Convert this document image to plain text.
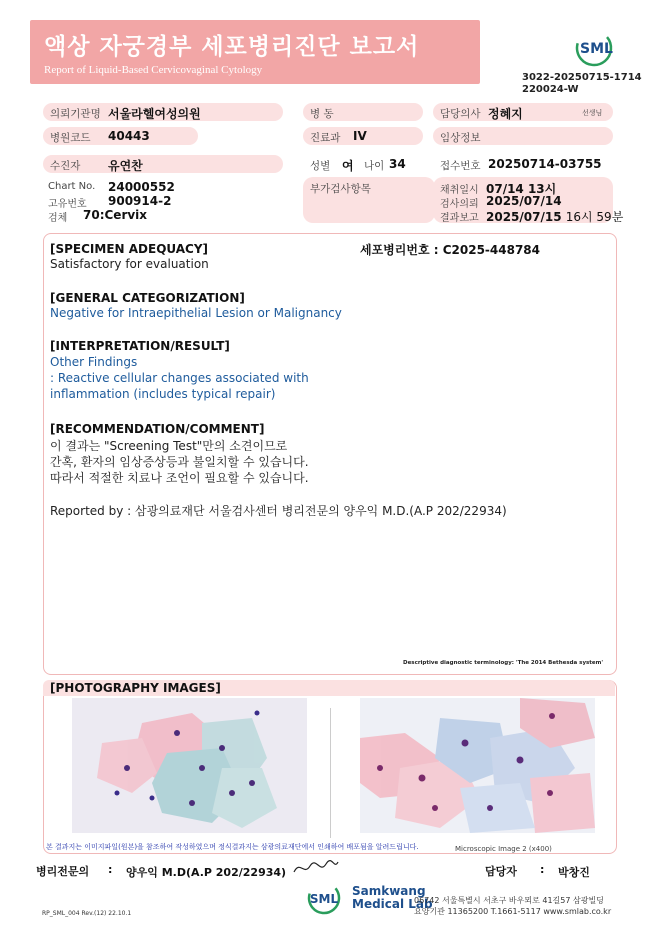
액상 자궁경부 세포병리진단 보고서
Report of Liquid-Based Cervicovaginal Cytology
SML
3022-20250715-1714
220024-W
의뢰기관명 서울라헬여성의원	병 동	담당의사 정혜지	선생님
병원코드 40443	진료과 IV	임상정보
수진자 유연찬	성별 여 나이 34	접수번호 20250714-03755
Chart No. 24000552
고유번호 900914-2
검체 70:Cervix
부가검사항목	채취일시 07/14 13시
검사의뢰 2025/07/14
결과보고 2025/07/15 16시 59분
[SPECIMEN ADEQUACY]	세포병리번호 : C2025-448784
Satisfactory for evaluation
[GENERAL CATEGORIZATION]
Negative for Intraepithelial Lesion or Malignancy
[INTERPRETATION/RESULT]
Other Findings
: Reactive cellular changes associated with
inflammation (includes typical repair)
[RECOMMENDATION/COMMENT]
이 결과는 "Screening Test"만의 소견이므로
간혹, 환자의 임상증상등과 불일치할 수 있습니다.
따라서 적절한 치료나 조언이 필요할 수 있습니다.
Reported by : 삼광의료재단 서울검사센터 병리전문의 양우익 M.D.(A.P 202/22934)
Descriptive diagnostic terminology: 'The 2014 Bethesda system'
[PHOTOGRAPHY IMAGES]
본 결과지는 이미지파일(원본)을 참조하여 작성하였으며 정식결과지는 삼광의료재단에서 인쇄하여 배포됨을 알려드립니다.	Microscopic Image 2 (x400)
병리전문의 : 양우익 M.D(A.P 202/22934)	담당자 : 박창진
SML
Samkwang
Medical Lab
06742 서울특별시 서초구 바우뫼로 41길57 삼광빌딩
요양기관 11365200 T.1661-5117 www.smlab.co.kr
RP_SML_004 Rev.(12) 22.10.1
